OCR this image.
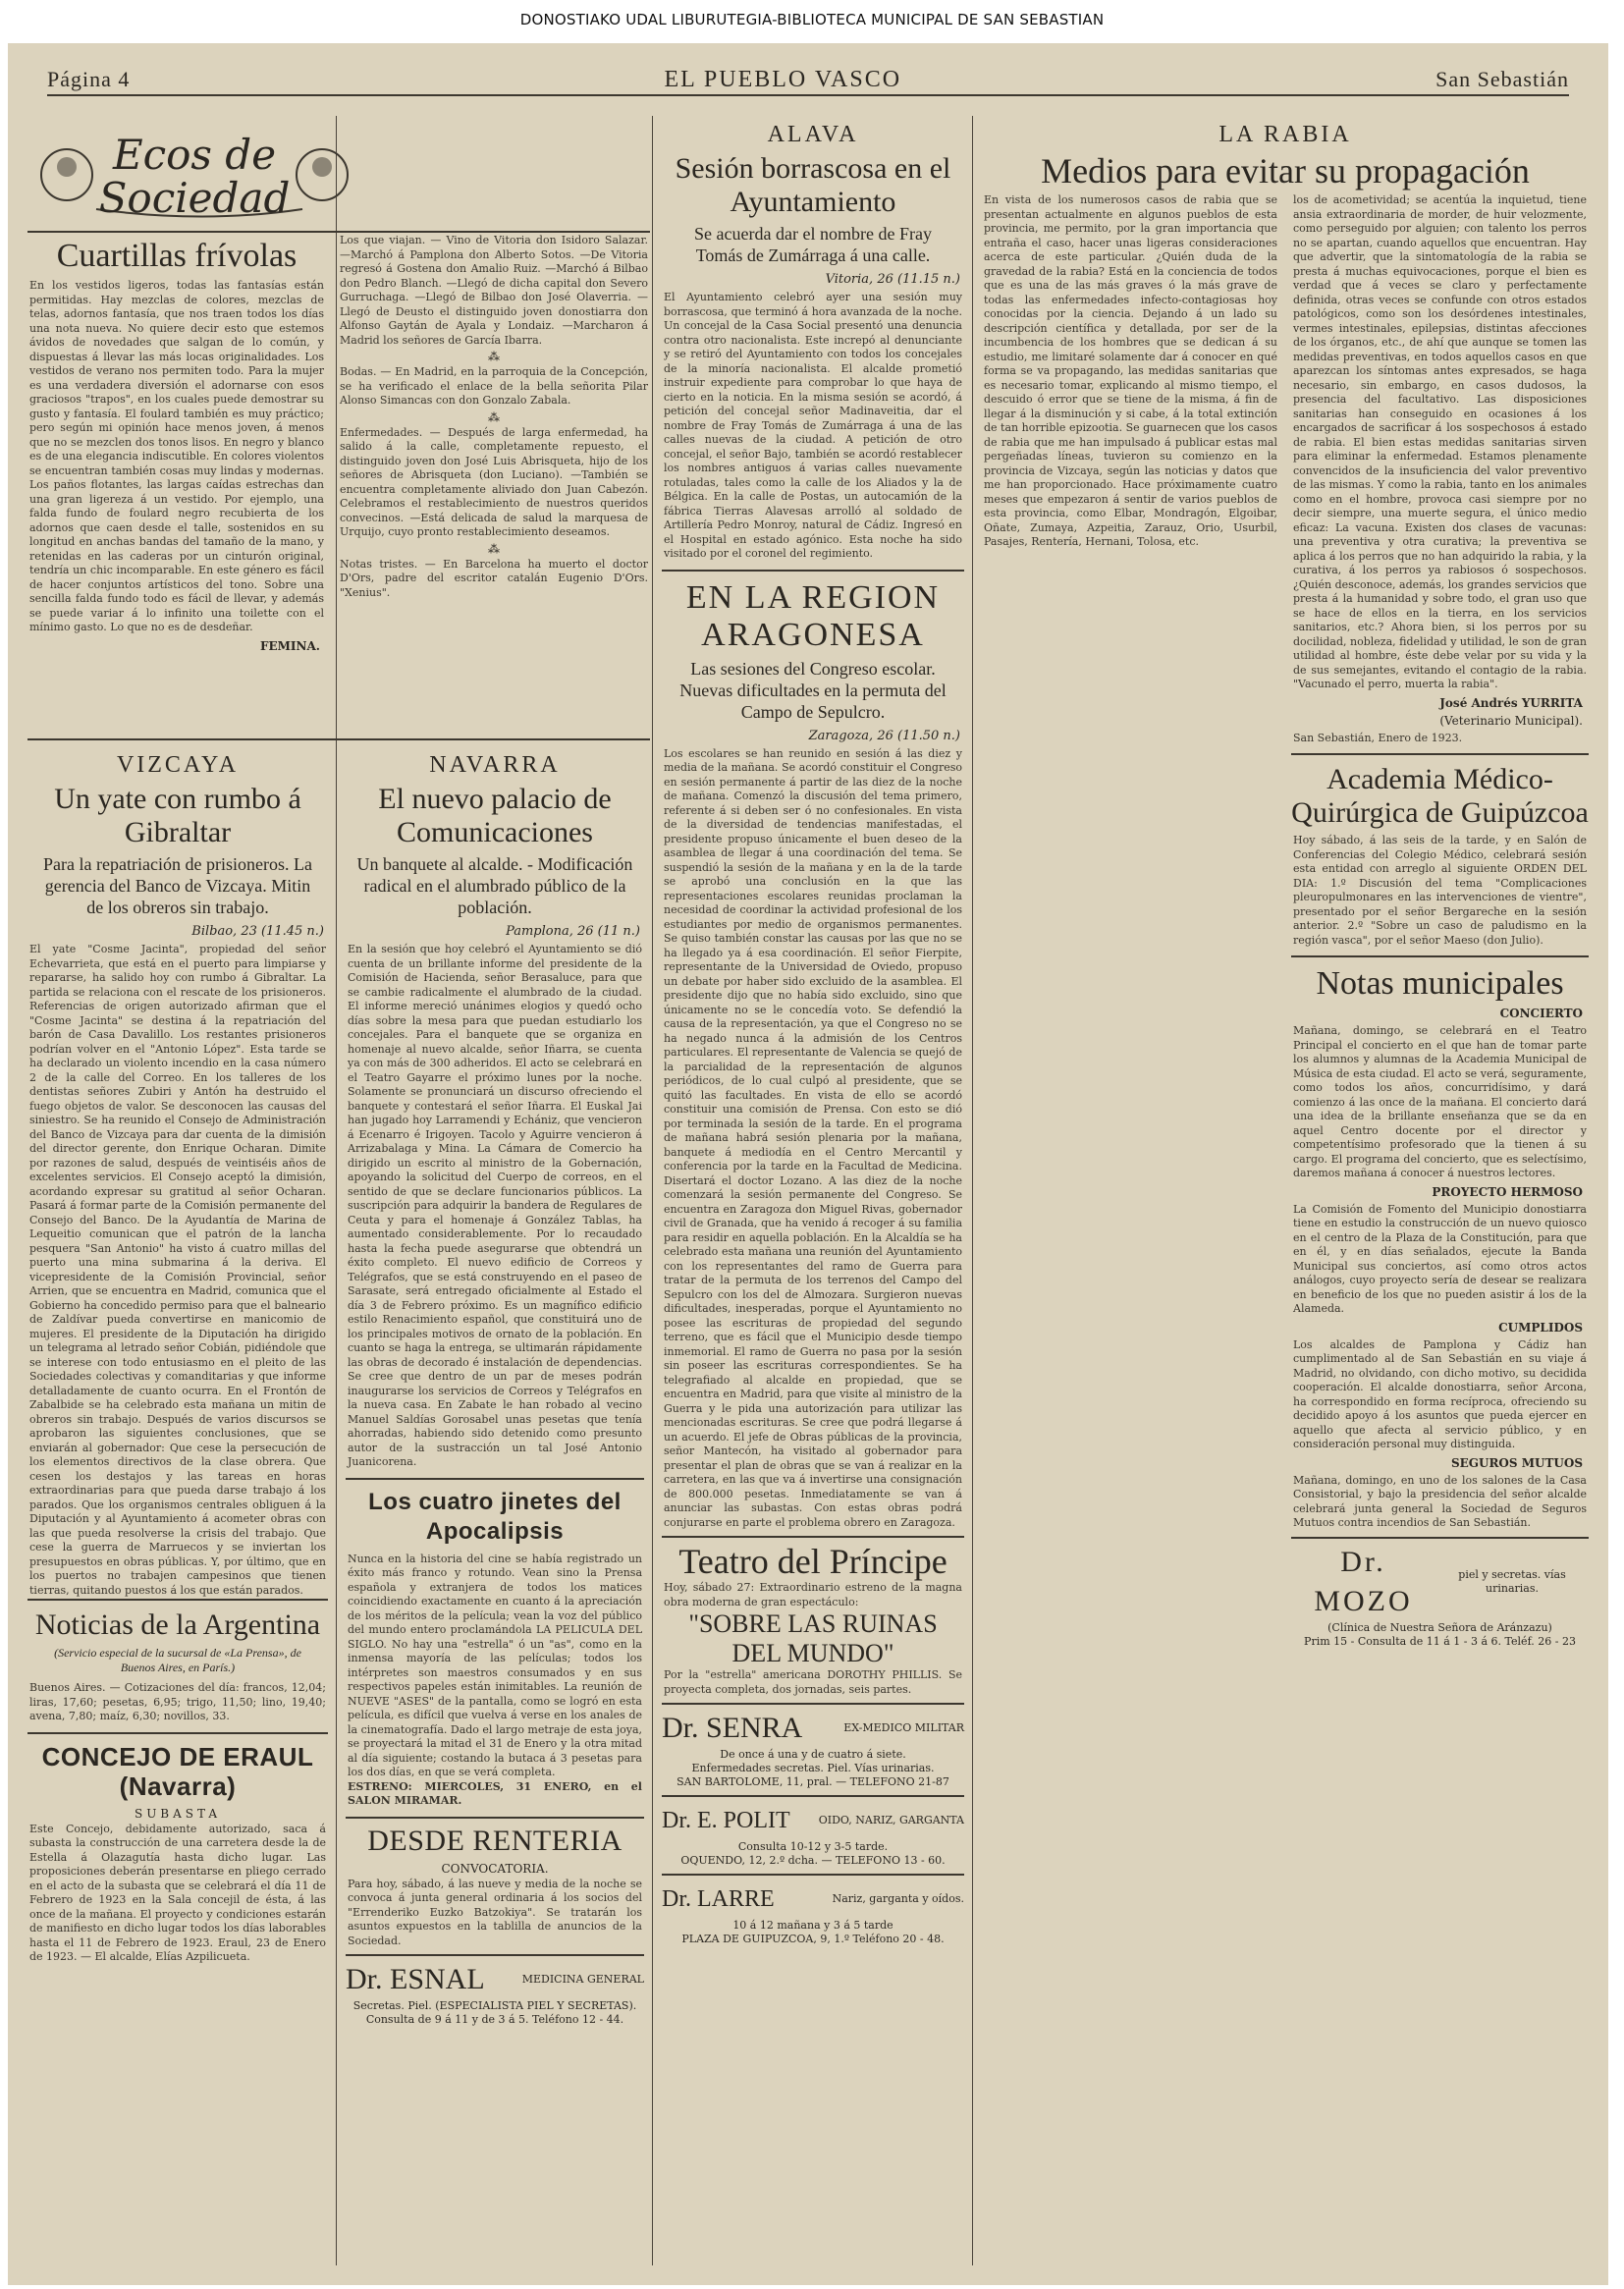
DONOSTIAKO UDAL LIBURUTEGIA-BIBLIOTECA MUNICIPAL DE SAN SEBASTIAN
Página 4	EL PUEBLO VASCO	San Sebastián
Ecos de Sociedad
Cuartillas frívolas
En los vestidos ligeros, todas las fantasías están permitidas. Hay mezclas de colores, mezclas de telas, adornos fantasía, que nos traen todos los días una nota nueva. No quiere decir esto que estemos ávidos de novedades que salgan de lo común, y dispuestas á llevar las más locas originalidades. Los vestidos de verano nos permiten todo. Para la mujer es una verdadera diversión el adornarse con esos graciosos "trapos", en los cuales puede demostrar su gusto y fantasía. El foulard también es muy práctico; pero según mi opinión hace menos joven, á menos que no se mezclen dos tonos lisos. En negro y blanco es de una elegancia indiscutible. En colores violentos se encuentran también cosas muy lindas y modernas. Los paños flotantes, las largas caídas estrechas dan una gran ligereza á un vestido. Por ejemplo, una falda fundo de foulard negro recubierta de los adornos que caen desde el talle, sostenidos en su longitud en anchas bandas del tamaño de la mano, y retenidas en las caderas por un cinturón original, tendría un chic incomparable. En este género es fácil de hacer conjuntos artísticos del tono. Sobre una sencilla falda fundo todo es fácil de llevar, y además se puede variar á lo infinito una toilette con el mínimo gasto. Lo que no es de desdeñar.
FEMINA.
Los que viajan. — Vino de Vitoria don Isidoro Salazar. —Marchó á Pamplona don Alberto Sotos. —De Vitoria regresó á Gostena don Amalio Ruiz. —Marchó á Bilbao don Pedro Blanch. —Llegó de dicha capital don Severo Gurruchaga. —Llegó de Bilbao don José Olaverria. —Llegó de Deusto el distinguido joven donostiarra don Alfonso Gaytán de Ayala y Londaiz. —Marcharon á Madrid los señores de García Ibarra.
⁂
Bodas. — En Madrid, en la parroquia de la Concepción, se ha verificado el enlace de la bella señorita Pilar Alonso Simancas con don Gonzalo Zabala.
⁂
Enfermedades. — Después de larga enfermedad, ha salido á la calle, completamente repuesto, el distinguido joven don José Luis Abrisqueta, hijo de los señores de Abrisqueta (don Luciano). —También se encuentra completamente aliviado don Juan Cabezón. Celebramos el restablecimiento de nuestros queridos convecinos. —Está delicada de salud la marquesa de Urquijo, cuyo pronto restablecimiento deseamos.
⁂
Notas tristes. — En Barcelona ha muerto el doctor D'Ors, padre del escritor catalán Eugenio D'Ors. "Xenius".
VIZCAYA
Un yate con rumbo á Gibraltar
Para la repatriación de prisioneros. La gerencia del Banco de Vizcaya. Mitin de los obreros sin trabajo.
Bilbao, 23 (11.45 n.)
El yate "Cosme Jacinta", propiedad del señor Echevarrieta, que está en el puerto para limpiarse y repararse, ha salido hoy con rumbo á Gibraltar. La partida se relaciona con el rescate de los prisioneros. Referencias de origen autorizado afirman que el "Cosme Jacinta" se destina á la repatriación del barón de Casa Davalillo. Los restantes prisioneros podrían volver en el "Antonio López". Esta tarde se ha declarado un violento incendio en la casa número 2 de la calle del Correo. En los talleres de los dentistas señores Zubiri y Antón ha destruido el fuego objetos de valor. Se desconocen las causas del siniestro. Se ha reunido el Consejo de Administración del Banco de Vizcaya para dar cuenta de la dimisión del director gerente, don Enrique Ocharan. Dimite por razones de salud, después de veintiséis años de excelentes servicios. El Consejo aceptó la dimisión, acordando expresar su gratitud al señor Ocharan. Pasará á formar parte de la Comisión permanente del Consejo del Banco. De la Ayudantía de Marina de Lequeitio comunican que el patrón de la lancha pesquera "San Antonio" ha visto á cuatro millas del puerto una mina submarina á la deriva. El vicepresidente de la Comisión Provincial, señor Arrien, que se encuentra en Madrid, comunica que el Gobierno ha concedido permiso para que el balneario de Zaldívar pueda convertirse en manicomio de mujeres. El presidente de la Diputación ha dirigido un telegrama al letrado señor Cobián, pidiéndole que se interese con todo entusiasmo en el pleito de las Sociedades colectivas y comanditarias y que informe detalladamente de cuanto ocurra. En el Frontón de Zabalbide se ha celebrado esta mañana un mitin de obreros sin trabajo. Después de varios discursos se aprobaron las siguientes conclusiones, que se enviarán al gobernador: Que cese la persecución de los elementos directivos de la clase obrera. Que cesen los destajos y las tareas en horas extraordinarias para que pueda darse trabajo á los parados. Que los organismos centrales obliguen á la Diputación y al Ayuntamiento á acometer obras con las que pueda resolverse la crisis del trabajo. Que cese la guerra de Marruecos y se inviertan los presupuestos en obras públicas. Y, por último, que en los puertos no trabajen campesinos que tienen tierras, quitando puestos á los que están parados.
Noticias de la Argentina
(Servicio especial de la sucursal de «La Prensa», de Buenos Aires, en París.)
Buenos Aires. — Cotizaciones del día: francos, 12,04; liras, 17,60; pesetas, 6,95; trigo, 11,50; lino, 19,40; avena, 7,80; maíz, 6,30; novillos, 33.
CONCEJO DE ERAUL (Navarra)
SUBASTA
Este Concejo, debidamente autorizado, saca á subasta la construcción de una carretera desde la de Estella á Olazagutía hasta dicho lugar. Las proposiciones deberán presentarse en pliego cerrado en el acto de la subasta que se celebrará el día 11 de Febrero de 1923 en la Sala concejil de ésta, á las once de la mañana. El proyecto y condiciones estarán de manifiesto en dicho lugar todos los días laborables hasta el 11 de Febrero de 1923. Eraul, 23 de Enero de 1923. — El alcalde, Elías Azpilicueta.
NAVARRA
El nuevo palacio de Comunicaciones
Un banquete al alcalde. - Modificación radical en el alumbrado público de la población.
Pamplona, 26 (11 n.)
En la sesión que hoy celebró el Ayuntamiento se dió cuenta de un brillante informe del presidente de la Comisión de Hacienda, señor Berasaluce, para que se cambie radicalmente el alumbrado de la ciudad. El informe mereció unánimes elogios y quedó ocho días sobre la mesa para que puedan estudiarlo los concejales. Para el banquete que se organiza en homenaje al nuevo alcalde, señor Iñarra, se cuenta ya con más de 300 adheridos. El acto se celebrará en el Teatro Gayarre el próximo lunes por la noche. Solamente se pronunciará un discurso ofreciendo el banquete y contestará el señor Iñarra. El Euskal Jai han jugado hoy Larramendi y Echániz, que vencieron á Ecenarro é Irigoyen. Tacolo y Aguirre vencieron á Arrizabalaga y Mina. La Cámara de Comercio ha dirigido un escrito al ministro de la Gobernación, apoyando la solicitud del Cuerpo de correos, en el sentido de que se declare funcionarios públicos. La suscripción para adquirir la bandera de Regulares de Ceuta y para el homenaje á González Tablas, ha aumentado considerablemente. Por lo recaudado hasta la fecha puede asegurarse que obtendrá un éxito completo. El nuevo edificio de Correos y Telégrafos, que se está construyendo en el paseo de Sarasate, será entregado oficialmente al Estado el día 3 de Febrero próximo. Es un magnífico edificio estilo Renacimiento español, que constituirá uno de los principales motivos de ornato de la población. En cuanto se haga la entrega, se ultimarán rápidamente las obras de decorado é instalación de dependencias. Se cree que dentro de un par de meses podrán inaugurarse los servicios de Correos y Telégrafos en la nueva casa. En Zabate le han robado al vecino Manuel Saldías Gorosabel unas pesetas que tenía ahorradas, habiendo sido detenido como presunto autor de la sustracción un tal José Antonio Juanicorena.
Los cuatro jinetes del Apocalipsis
Nunca en la historia del cine se había registrado un éxito más franco y rotundo. Vean sino la Prensa española y extranjera de todos los matices coincidiendo exactamente en cuanto á la apreciación de los méritos de la película; vean la voz del público del mundo entero proclamándola LA PELICULA DEL SIGLO. No hay una "estrella" ó un "as", como en la inmensa mayoría de las películas; todos los intérpretes son maestros consumados y en sus respectivos papeles están inimitables. La reunión de NUEVE "ASES" de la pantalla, como se logró en esta película, es difícil que vuelva á verse en los anales de la cinematografía. Dado el largo metraje de esta joya, se proyectará la mitad el 31 de Enero y la otra mitad al día siguiente; costando la butaca á 3 pesetas para los dos días, en que se verá completa.
ESTRENO: MIERCOLES, 31 ENERO, en el SALON MIRAMAR.
DESDE RENTERIA
CONVOCATORIA.
Para hoy, sábado, á las nueve y media de la noche se convoca á junta general ordinaria á los socios del "Errenderiko Euzko Batzokiya". Se tratarán los asuntos expuestos en la tablilla de anuncios de la Sociedad.
Dr. ESNAL	MEDICINA GENERAL
Secretas. Piel. (ESPECIALISTA PIEL Y SECRETAS).
Consulta de 9 á 11 y de 3 á 5. Teléfono 12 - 44.
ALAVA
Sesión borrascosa en el Ayuntamiento
Se acuerda dar el nombre de Fray Tomás de Zumárraga á una calle.
Vitoria, 26 (11.15 n.)
El Ayuntamiento celebró ayer una sesión muy borrascosa, que terminó á hora avanzada de la noche. Un concejal de la Casa Social presentó una denuncia contra otro nacionalista. Este increpó al denunciante y se retiró del Ayuntamiento con todos los concejales de la minoría nacionalista. El alcalde prometió instruir expediente para comprobar lo que haya de cierto en la noticia. En la misma sesión se acordó, á petición del concejal señor Madinaveitia, dar el nombre de Fray Tomás de Zumárraga á una de las calles nuevas de la ciudad. A petición de otro concejal, el señor Bajo, también se acordó restablecer los nombres antiguos á varias calles nuevamente rotuladas, tales como la calle de los Aliados y la de Bélgica. En la calle de Postas, un autocamión de la fábrica Tierras Alavesas arrolló al soldado de Artillería Pedro Monroy, natural de Cádiz. Ingresó en el Hospital en estado agónico. Esta noche ha sido visitado por el coronel del regimiento.
EN LA REGION ARAGONESA
Las sesiones del Congreso escolar. Nuevas dificultades en la permuta del Campo de Sepulcro.
Zaragoza, 26 (11.50 n.)
Los escolares se han reunido en sesión á las diez y media de la mañana. Se acordó constituir el Congreso en sesión permanente á partir de las diez de la noche de mañana. Comenzó la discusión del tema primero, referente á si deben ser ó no confesionales. En vista de la diversidad de tendencias manifestadas, el presidente propuso únicamente el buen deseo de la asamblea de llegar á una coordinación del tema. Se suspendió la sesión de la mañana y en la de la tarde se aprobó una conclusión en la que las representaciones escolares reunidas proclaman la necesidad de coordinar la actividad profesional de los estudiantes por medio de organismos permanentes. Se quiso también constar las causas por las que no se ha llegado ya á esa coordinación. El señor Fierpite, representante de la Universidad de Oviedo, propuso un debate por haber sido excluido de la asamblea. El presidente dijo que no había sido excluido, sino que únicamente no se le concedía voto. Se defendió la causa de la representación, ya que el Congreso no se ha negado nunca á la admisión de los Centros particulares. El representante de Valencia se quejó de la parcialidad de la representación de algunos periódicos, de lo cual culpó al presidente, que se quitó las facultades. En vista de ello se acordó constituir una comisión de Prensa. Con esto se dió por terminada la sesión de la tarde. En el programa de mañana habrá sesión plenaria por la mañana, banquete á mediodía en el Centro Mercantil y conferencia por la tarde en la Facultad de Medicina. Disertará el doctor Lozano. A las diez de la noche comenzará la sesión permanente del Congreso. Se encuentra en Zaragoza don Miguel Rivas, gobernador civil de Granada, que ha venido á recoger á su familia para residir en aquella población. En la Alcaldía se ha celebrado esta mañana una reunión del Ayuntamiento con los representantes del ramo de Guerra para tratar de la permuta de los terrenos del Campo del Sepulcro con los del de Almozara. Surgieron nuevas dificultades, inesperadas, porque el Ayuntamiento no posee las escrituras de propiedad del segundo terreno, que es fácil que el Municipio desde tiempo inmemorial. El ramo de Guerra no pasa por la sesión sin poseer las escrituras correspondientes. Se ha telegrafiado al alcalde en propiedad, que se encuentra en Madrid, para que visite al ministro de la Guerra y le pida una autorización para utilizar las mencionadas escrituras. Se cree que podrá llegarse á un acuerdo. El jefe de Obras públicas de la provincia, señor Mantecón, ha visitado al gobernador para presentar el plan de obras que se van á realizar en la carretera, en las que va á invertirse una consignación de 800.000 pesetas. Inmediatamente se van á anunciar las subastas. Con estas obras podrá conjurarse en parte el problema obrero en Zaragoza.
Teatro del Príncipe
Hoy, sábado 27: Extraordinario estreno de la magna obra moderna de gran espectáculo:
"SOBRE LAS RUINAS DEL MUNDO"
Por la "estrella" americana DOROTHY PHILLIS. Se proyecta completa, dos jornadas, seis partes.
Dr. SENRA	EX-MEDICO MILITAR
De once á una y de cuatro á siete.
Enfermedades secretas. Piel. Vías urinarias.
SAN BARTOLOME, 11, pral. — TELEFONO 21-87
Dr. E. POLIT	OIDO, NARIZ, GARGANTA
Consulta 10-12 y 3-5 tarde.
OQUENDO, 12, 2.º dcha. — TELEFONO 13 - 60.
Dr. LARRE	Nariz, garganta y oídos.
10 á 12 mañana y 3 á 5 tarde
PLAZA DE GUIPUZCOA, 9, 1.º Teléfono 20 - 48.
LA RABIA
Medios para evitar su propagación
En vista de los numerosos casos de rabia que se presentan actualmente en algunos pueblos de esta provincia, me permito, por la gran importancia que entraña el caso, hacer unas ligeras consideraciones acerca de este particular. ¿Quién duda de la gravedad de la rabia? Está en la conciencia de todos que es una de las más graves ó la más grave de todas las enfermedades infecto-contagiosas hoy conocidas por la ciencia. Dejando á un lado su descripción científica y detallada, por ser de la incumbencia de los hombres que se dedican á su estudio, me limitaré solamente dar á conocer en qué forma se va propagando, las medidas sanitarias que es necesario tomar, explicando al mismo tiempo, el descuido ó error que se tiene de la misma, á fin de llegar á la disminución y si cabe, á la total extinción de tan horrible epizootia. Se guarnecen que los casos de rabia que me han impulsado á publicar estas mal pergeñadas líneas, tuvieron su comienzo en la provincia de Vizcaya, según las noticias y datos que me han proporcionado. Hace próximamente cuatro meses que empezaron á sentir de varios pueblos de esta provincia, como Elbar, Mondragón, Elgoibar, Oñate, Zumaya, Azpeitia, Zarauz, Orio, Usurbil, Pasajes, Rentería, Hernani, Tolosa, etc.
los de acometividad; se acentúa la inquietud, tiene ansia extraordinaria de morder, de huir velozmente, como perseguido por alguien; con talento los perros no se apartan, cuando aquellos que encuentran. Hay que advertir, que la sintomatología de la rabia se presta á muchas equivocaciones, porque el bien es verdad que á veces se claro y perfectamente definida, otras veces se confunde con otros estados patológicos, como son los desórdenes intestinales, vermes intestinales, epilepsias, distintas afecciones de los órganos, etc., de ahí que aunque se tomen las medidas preventivas, en todos aquellos casos en que aparezcan los síntomas antes expresados, se haga necesario, sin embargo, en casos dudosos, la presencia del facultativo. Las disposiciones sanitarias han conseguido en ocasiones á los encargados de sacrificar á los sospechosos á estado de rabia. El bien estas medidas sanitarias sirven para eliminar la enfermedad. Estamos plenamente convencidos de la insuficiencia del valor preventivo de las mismas. Y como la rabia, tanto en los animales como en el hombre, provoca casi siempre por no decir siempre, una muerte segura, el único medio eficaz: La vacuna. Existen dos clases de vacunas: una preventiva y otra curativa; la preventiva se aplica á los perros que no han adquirido la rabia, y la curativa, á los perros ya rabiosos ó sospechosos. ¿Quién desconoce, además, los grandes servicios que presta á la humanidad y sobre todo, el gran uso que se hace de ellos en la tierra, en los servicios sanitarios, etc.? Ahora bien, si los perros por su docilidad, nobleza, fidelidad y utilidad, le son de gran utilidad al hombre, éste debe velar por su vida y la de sus semejantes, evitando el contagio de la rabia. "Vacunado el perro, muerta la rabia".
José Andrés YURRITA
(Veterinario Municipal).
San Sebastián, Enero de 1923.
Academia Médico-Quirúrgica de Guipúzcoa
Hoy sábado, á las seis de la tarde, y en Salón de Conferencias del Colegio Médico, celebrará sesión esta entidad con arreglo al siguiente ORDEN DEL DIA: 1.º Discusión del tema "Complicaciones pleuropulmonares en las intervenciones de vientre", presentado por el señor Bergareche en la sesión anterior. 2.º "Sobre un caso de paludismo en la región vasca", por el señor Maeso (don Julio).
Notas municipales
CONCIERTO
Mañana, domingo, se celebrará en el Teatro Principal el concierto en el que han de tomar parte los alumnos y alumnas de la Academia Municipal de Música de esta ciudad. El acto se verá, seguramente, como todos los años, concurridísimo, y dará comienzo á las once de la mañana. El concierto dará una idea de la brillante enseñanza que se da en aquel Centro docente por el director y competentísimo profesorado que la tienen á su cargo. El programa del concierto, que es selectísimo, daremos mañana á conocer á nuestros lectores.
PROYECTO HERMOSO
La Comisión de Fomento del Municipio donostiarra tiene en estudio la construcción de un nuevo quiosco en el centro de la Plaza de la Constitución, para que en él, y en días señalados, ejecute la Banda Municipal sus conciertos, así como otros actos análogos, cuyo proyecto sería de desear se realizara en beneficio de los que no pueden asistir á los de la Alameda.
CUMPLIDOS
Los alcaldes de Pamplona y Cádiz han cumplimentado al de San Sebastián en su viaje á Madrid, no olvidando, con dicho motivo, su decidida cooperación. El alcalde donostiarra, señor Arcona, ha correspondido en forma recíproca, ofreciendo su decidido apoyo á los asuntos que pueda ejercer en aquello que afecta al servicio público, y en consideración personal muy distinguida.
SEGUROS MUTUOS
Mañana, domingo, en uno de los salones de la Casa Consistorial, y bajo la presidencia del señor alcalde celebrará junta general la Sociedad de Seguros Mutuos contra incendios de San Sebastián.
Dr. MOZO
piel y secretas. vías urinarias.
(Clínica de Nuestra Señora de Aránzazu)
Prim 15 - Consulta de 11 á 1 - 3 á 6. Teléf. 26 - 23
